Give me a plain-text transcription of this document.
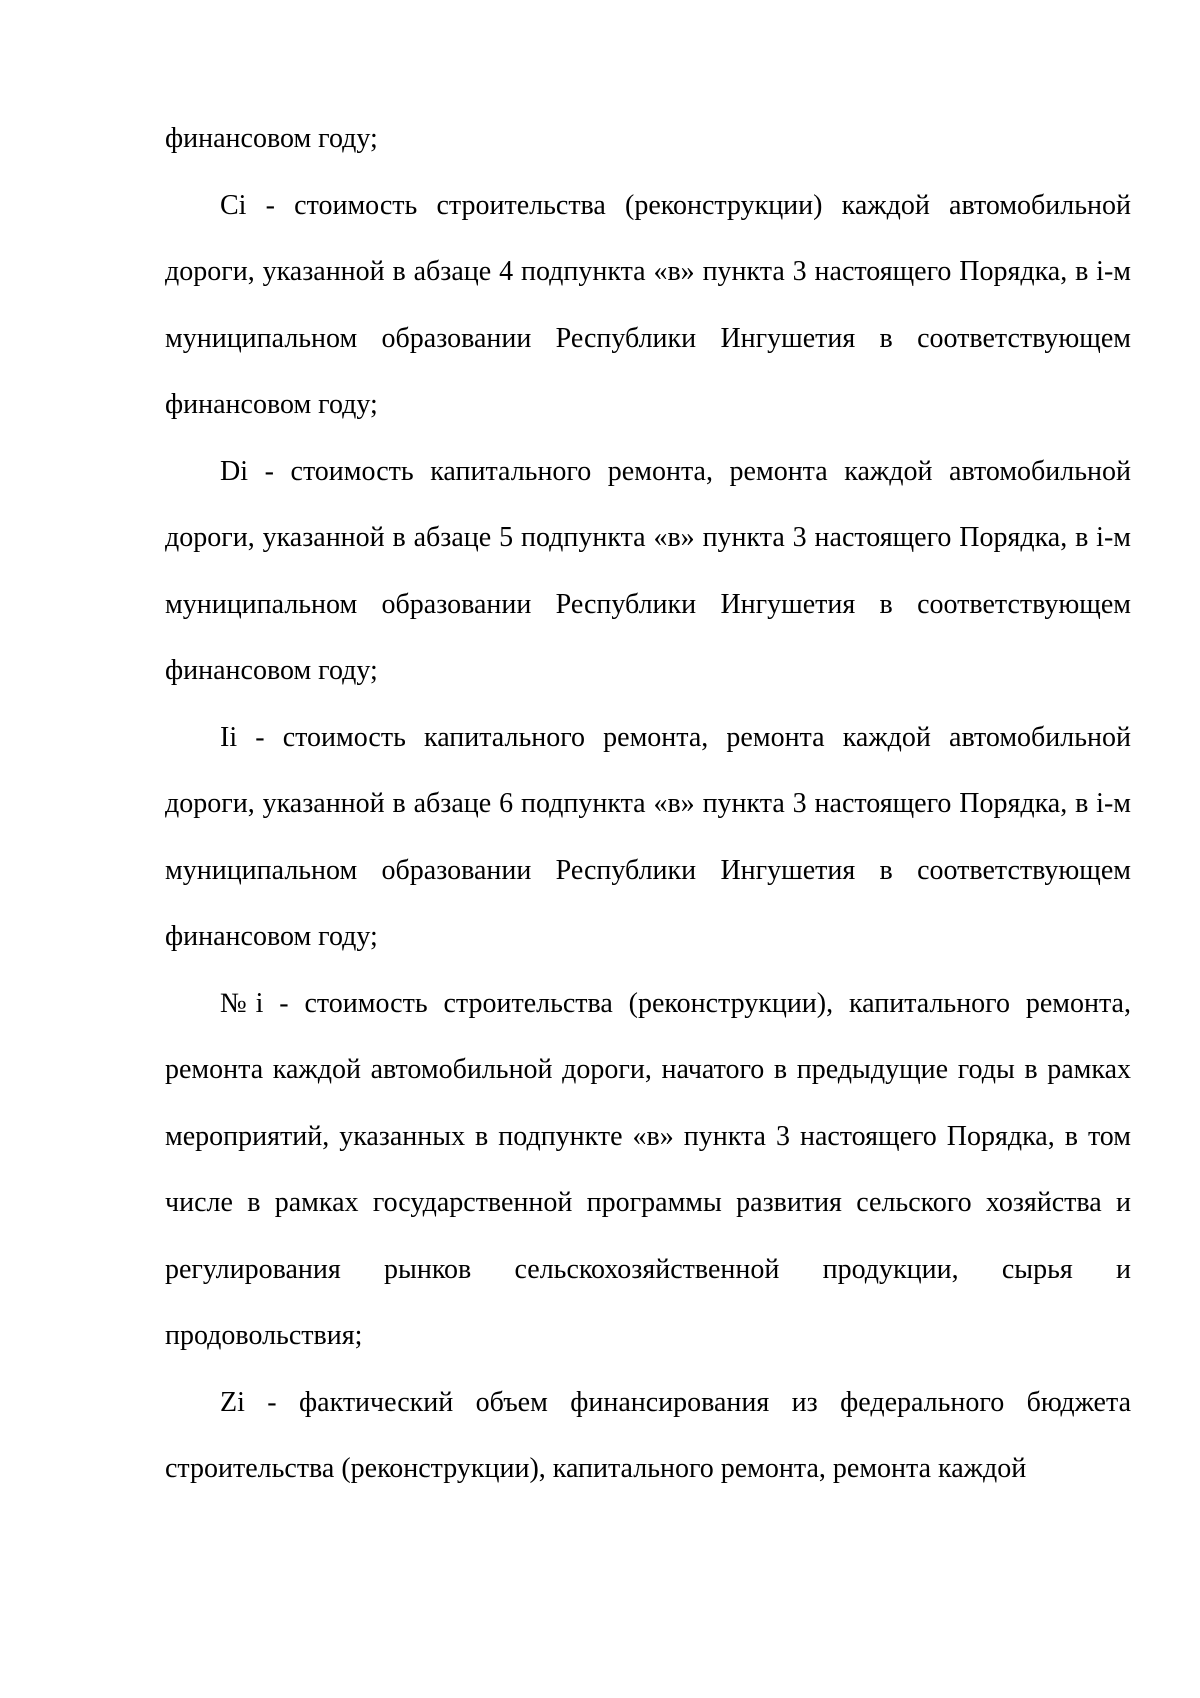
финансовом году;

Ci - стоимость строительства (реконструкции) каждой автомобильной дороги, указанной в абзаце 4 подпункта «в» пункта 3 настоящего Порядка, в i-м муниципальном образовании Республики Ингушетия в соответствующем финансовом году;

Di - стоимость капитального ремонта, ремонта каждой автомобильной дороги, указанной в абзаце 5 подпункта «в» пункта 3 настоящего Порядка, в i-м муниципальном образовании Республики Ингушетия в соответствующем финансовом году;

Ii - стоимость капитального ремонта, ремонта каждой автомобильной дороги, указанной в абзаце 6 подпункта «в» пункта 3 настоящего Порядка, в i-м муниципальном образовании Республики Ингушетия в соответствующем финансовом году;

№i - стоимость строительства (реконструкции), капитального ремонта, ремонта каждой автомобильной дороги, начатого в предыдущие годы в рамках мероприятий, указанных в подпункте «в» пункта 3 настоящего Порядка, в том числе в рамках государственной программы развития сельского хозяйства и регулирования рынков сельскохозяйственной продукции, сырья и продовольствия;

Zi - фактический объем финансирования из федерального бюджета строительства (реконструкции), капитального ремонта, ремонта каждой
